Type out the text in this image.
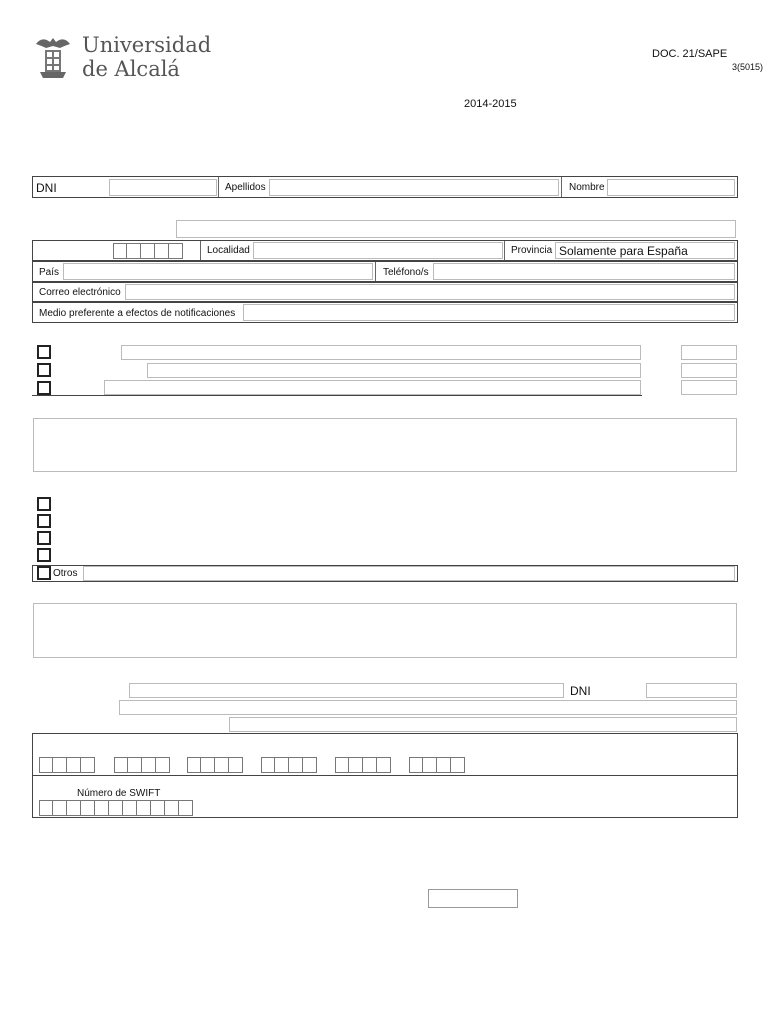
Universidad
de Alcalá
DOC. 21/SAPE
3(5015)
2014-2015
DNI	Apellidos	Nombre
Localidad	Provincia Solamente para España
País	Teléfono/s
Correo electrónico
Medio preferente a efectos de notificaciones
Otros
DNI
Número de SWIFT
